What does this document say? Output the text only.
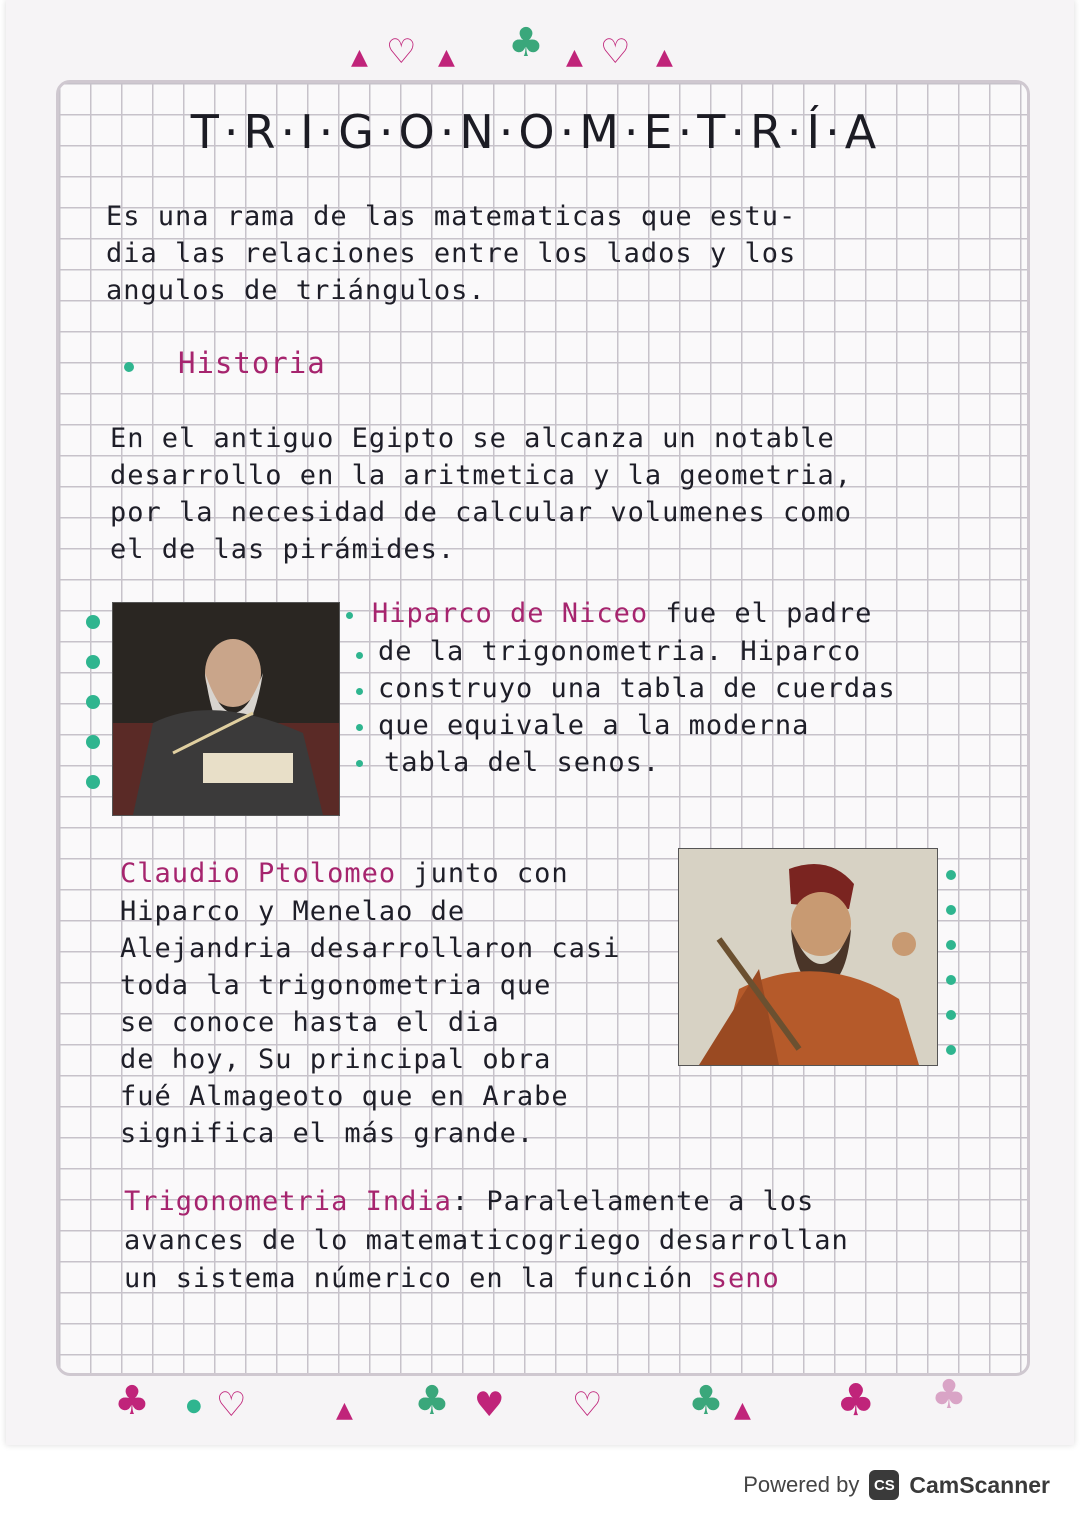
▲ ♡ ▲ ♣ ▲ ♡ ▲
T·R·I·G·O·N·O·M·E·T·R·Í·A
Es una rama de las matematicas que estu-
dia las relaciones entre los lados y los
angulos de triángulos.
Historia
En el antiguo Egipto se alcanza un notable
desarrollo en la aritmetica y la geometria,
por la necesidad de calcular volumenes como
el de las pirámides.
Hiparco de Niceo fue el padre
de la trigonometria. Hiparco
construyo una tabla de cuerdas
que equivale a la moderna
tabla del senos.
Claudio Ptolomeo junto con
Hiparco y Menelao de
Alejandria desarrollaron casi
toda la trigonometria que
se conoce hasta el dia
de hoy, Su principal obra
fué Almageoto que en Arabe
significa el más grande.
Trigonometria India: Paralelamente a los
avances de lo matematicogriego desarrollan
un sistema númerico en la función seno
♣ ● ♡	▲ ♣ ♥ ♡ ♣ ▲ ♣ ♣
Powered by CS CamScanner
